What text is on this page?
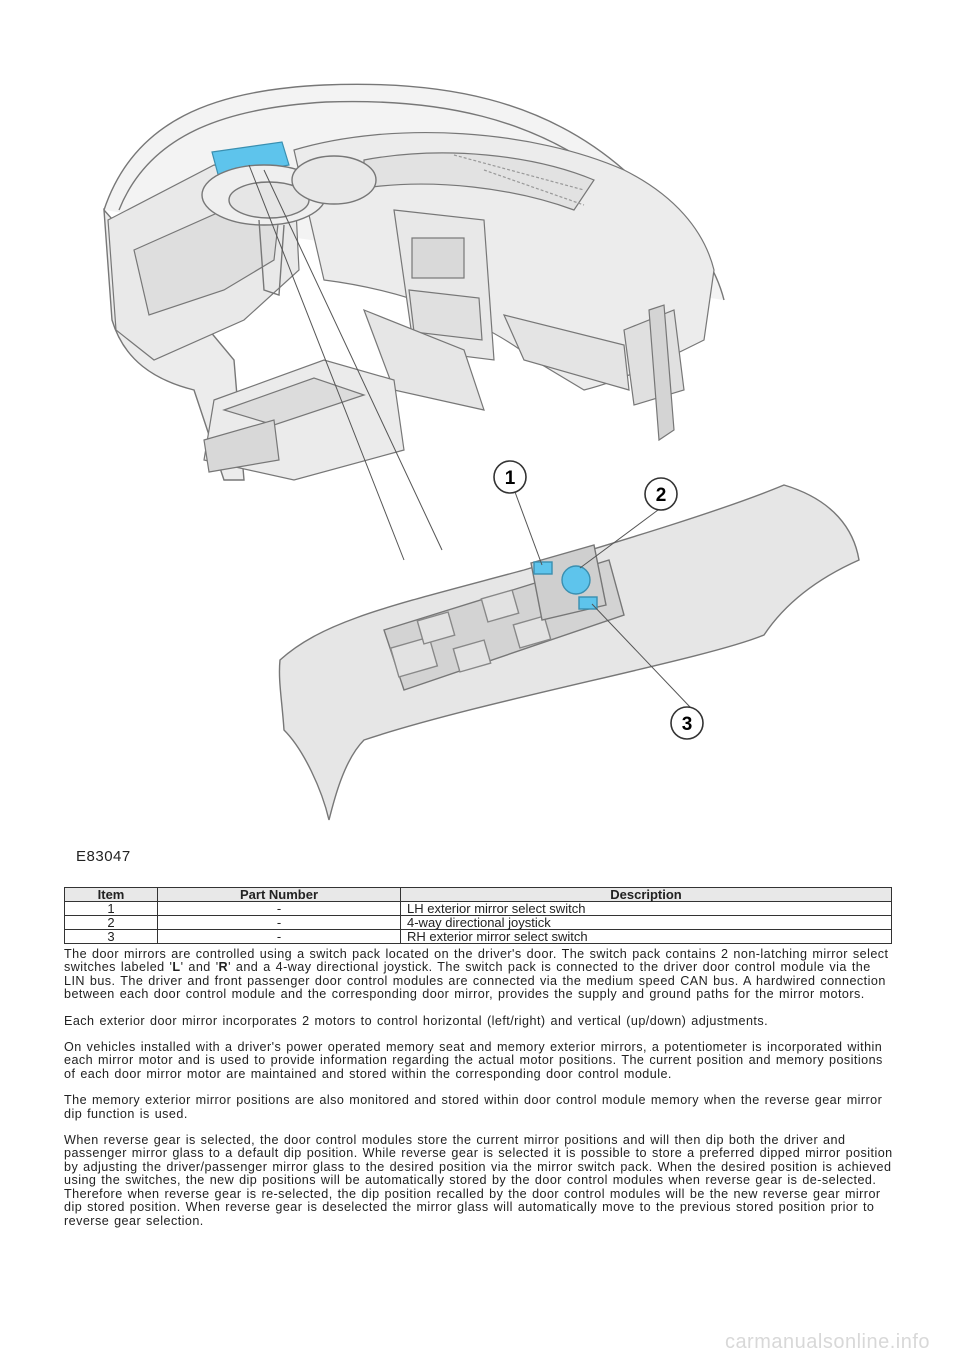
1
2
3
E83047
Item	Part Number	Description
1	-	LH exterior mirror select switch
2	-	4-way directional joystick
3	-	RH exterior mirror select switch

The door mirrors are controlled using a switch pack located on the driver's door. The switch pack contains 2 non-latching mirror select switches labeled 'L' and 'R' and a 4-way directional joystick. The switch pack is connected to the driver door control module via the LIN bus. The driver and front passenger door control modules are connected via the medium speed CAN bus. A hardwired connection between each door control module and the corresponding door mirror, provides the supply and ground paths for the mirror motors.

Each exterior door mirror incorporates 2 motors to control horizontal (left/right) and vertical (up/down) adjustments.

On vehicles installed with a driver's power operated memory seat and memory exterior mirrors, a potentiometer is incorporated within each mirror motor and is used to provide information regarding the actual motor positions. The current position and memory positions of each door mirror motor are maintained and stored within the corresponding door control module.

The memory exterior mirror positions are also monitored and stored within door control module memory when the reverse gear mirror dip function is used.

When reverse gear is selected, the door control modules store the current mirror positions and will then dip both the driver and passenger mirror glass to a default dip position. While reverse gear is selected it is possible to store a preferred dipped mirror position by adjusting the driver/passenger mirror glass to the desired position via the mirror switch pack. When the desired position is achieved using the switches, the new dip positions will be automatically stored by the door control modules when reverse gear is de-selected. Therefore when reverse gear is re-selected, the dip position recalled by the door control modules will be the new reverse gear mirror dip stored position. When reverse gear is deselected the mirror glass will automatically move to the previous stored position prior to reverse gear selection.

carmanualsonline.info
